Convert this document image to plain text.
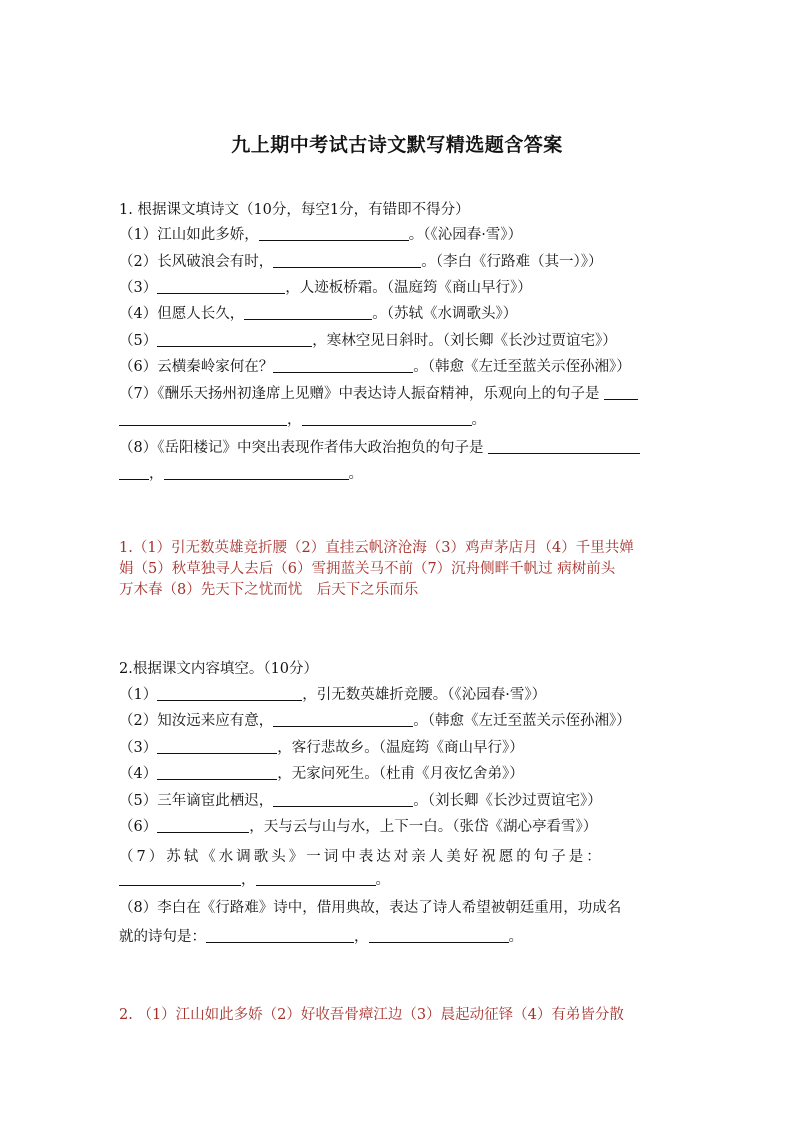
九上期中考试古诗文默写精选题含答案
1. 根据课文填诗文（10分，每空1分，有错即不得分）
（1）江山如此多娇，	。（《沁园春·雪》）
（2）长风破浪会有时，	。（李白《行路难（其一）》）
（3）	，人迹板桥霜。（温庭筠《商山早行》）
（4）但愿人长久，	。（苏轼《水调歌头》）
（5）	，寒林空见日斜时。（刘长卿《长沙过贾谊宅》）
（6）云横秦岭家何在？	。（韩愈《左迁至蓝关示侄孙湘》）
（7）《酬乐天扬州初逢席上见赠》中表达诗人振奋精神，乐观向上的句子是
，	。
（8）《岳阳楼记》中突出表现作者伟大政治抱负的句子是
，	。
1.（1）引无数英雄竞折腰（2）直挂云帆济沧海（3）鸡声茅店月（4）千里共婵
娟（5）秋草独寻人去后（6）雪拥蓝关马不前（7）沉舟侧畔千帆过 病树前头
万木春（8）先天下之忧而忧　后天下之乐而乐
2.根据课文内容填空。（10分）
（1）	，引无数英雄折竞腰。（《沁园春·雪》）
（2）知汝远来应有意，	。（韩愈《左迁至蓝关示侄孙湘》）
（3）	，客行悲故乡。（温庭筠《商山早行》）
（4）	，无家问死生。（杜甫《月夜忆舍弟》）
（5）三年谪宦此栖迟，	。（刘长卿《长沙过贾谊宅》）
（6）	，天与云与山与水，上下一白。（张岱《湖心亭看雪》）
（7）苏轼《水调歌头》一词中表达对亲人美好祝愿的句子是：
，	。
（8）李白在《行路难》诗中，借用典故，表达了诗人希望被朝廷重用，功成名
就的诗句是：	，	。
2. （1）江山如此多娇（2）好收吾骨瘴江边（3）晨起动征铎（4）有弟皆分散
